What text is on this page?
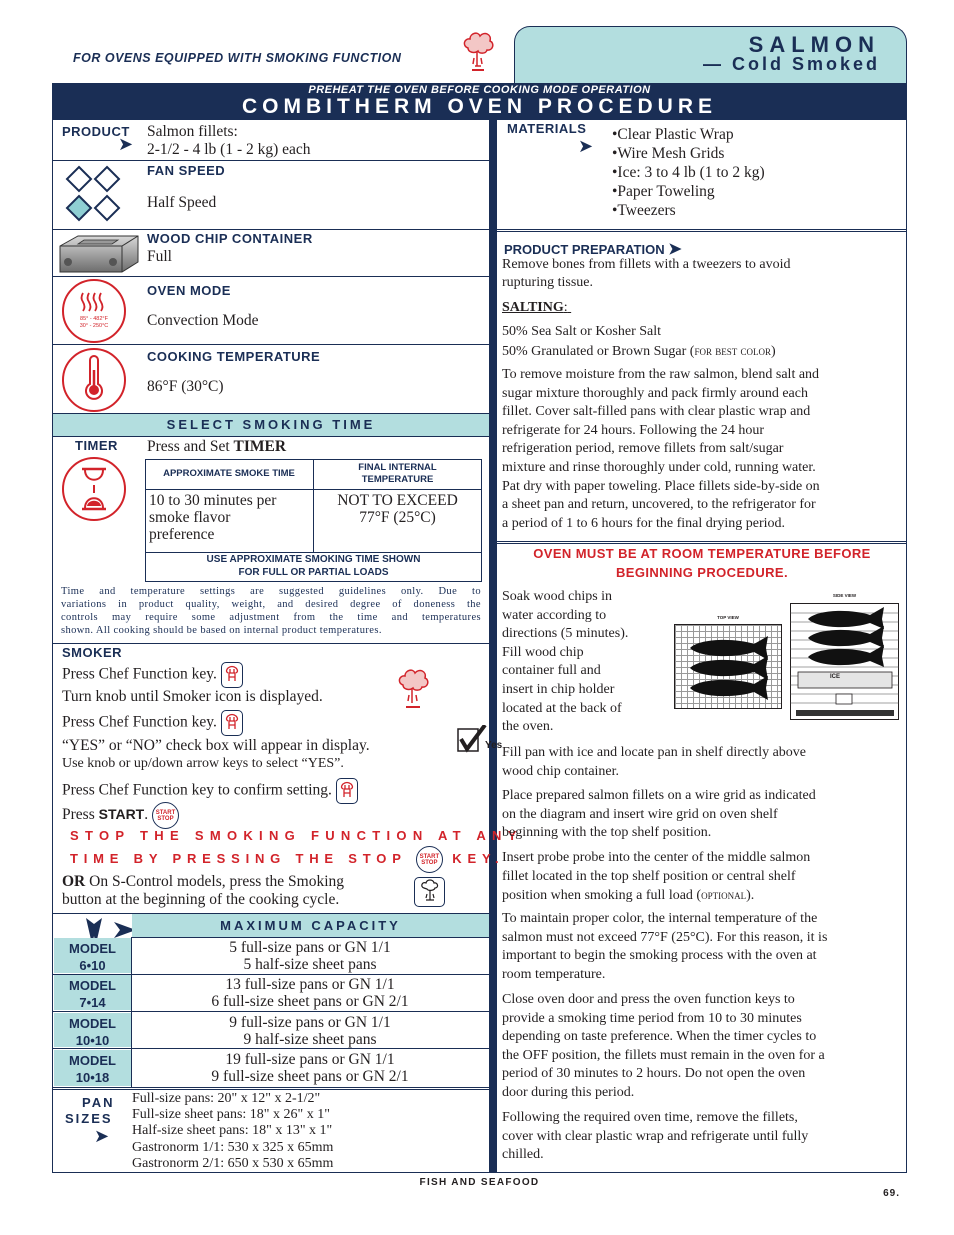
FOR OVENS EQUIPPED WITH SMOKING FUNCTION
SALMON
— Cold Smoked
PREHEAT THE OVEN BEFORE COOKING MODE OPERATION
COMBITHERM OVEN PROCEDURE
PRODUCT
➤
Salmon fillets:
2-1/2 - 4 lb (1 - 2 kg) each
FAN SPEED
Half Speed
WOOD CHIP CONTAINER
Full
85° - 482°F
30° - 250°C
OVEN MODE
Convection Mode
COOKING TEMPERATURE
86°F (30°C)
SELECT SMOKING TIME
TIMER Press and Set TIMER
APPROXIMATE SMOKE TIME
FINAL INTERNAL
TEMPERATURE
10 to 30 minutes per
smoke flavor
preference
NOT TO EXCEED
77°F (25°C)
USE APPROXIMATE SMOKING TIME SHOWN
FOR FULL OR PARTIAL LOADS
Time and temperature settings are suggested guidelines only. Due to
variations in product quality, weight, and desired degree of doneness the
controls may require some adjustment from the time and temperatures
shown. All cooking should be based on internal product temperatures.
SMOKER
Press Chef Function key.
Turn knob until Smoker icon is displayed.
Press Chef Function key.
“YES” or “NO” check box will appear in display.	Yes
Use knob or up/down arrow keys to select “YES”.
Press Chef Function key to confirm setting.
Press START. START
STOP
STOP THE SMOKING FUNCTION AT ANY
TIME BY PRESSING THE STOP START
STOP KEY.
OR On S-Control models, press the Smoking
button at the beginning of the cooking cycle.
MAXIMUM CAPACITY
MODEL
6•10
5 full-size pans or GN 1/1
5 half-size sheet pans
MODEL
7•14
13 full-size pans or GN 1/1
6 full-size sheet pans or GN 2/1
MODEL
10•10
9 full-size pans or GN 1/1
9 half-size sheet pans
MODEL
10•18
19 full-size pans or GN 1/1
9 full-size sheet pans or GN 2/1
PAN
SIZES
➤
Full-size pans: 20" x 12" x 2-1/2"
Full-size sheet pans: 18" x 26" x 1"
Half-size sheet pans: 18" x 13" x 1"
Gastronorm 1/1: 530 x 325 x 65mm
Gastronorm 2/1: 650 x 530 x 65mm
MATERIALS
➤
•Clear Plastic Wrap
•Wire Mesh Grids
•Ice: 3 to 4 lb (1 to 2 kg)
•Paper Toweling
•Tweezers
PRODUCT PREPARATION ➤
Remove bones from fillets with a tweezers to avoid
rupturing tissue.
SALTING:
50% Sea Salt or Kosher Salt
50% Granulated or Brown Sugar (for best color)
To remove moisture from the raw salmon, blend salt and
sugar mixture thoroughly and pack firmly around each
fillet. Cover salt-filled pans with clear plastic wrap and
refrigerate for 24 hours. Following the 24 hour
refrigeration period, remove fillets from salt/sugar
mixture and rinse thoroughly under cold, running water.
Pat dry with paper toweling. Place fillets side-by-side on
a sheet pan and return, uncovered, to the refrigerator for
a period of 1 to 6 hours for the final drying period.
OVEN MUST BE AT ROOM TEMPERATURE BEFORE
BEGINNING PROCEDURE.
Soak wood chips in
water according to
directions (5 minutes).
Fill wood chip
container full and
insert in chip holder
located at the back of
the oven.
TOP VIEW
SIDE VIEW
ICE
Fill pan with ice and locate pan in shelf directly above
wood chip container.
Place prepared salmon fillets on a wire grid as indicated
on the diagram and insert wire grid on oven shelf
beginning with the top shelf position.
Insert probe probe into the center of the middle salmon
fillet located in the top shelf position or central shelf
position when smoking a full load (optional).
To maintain proper color, the internal temperature of the
salmon must not exceed 77°F (25°C). For this reason, it is
important to begin the smoking process with the oven at
room temperature.
Close oven door and press the oven function keys to
provide a smoking time period from 10 to 30 minutes
depending on taste preference. When the timer cycles to
the OFF position, the fillets must remain in the oven for a
period of 30 minutes to 2 hours. Do not open the oven
door during this period.
Following the required oven time, remove the fillets,
cover with clear plastic wrap and refrigerate until fully
chilled.
FISH AND SEAFOOD
69.
